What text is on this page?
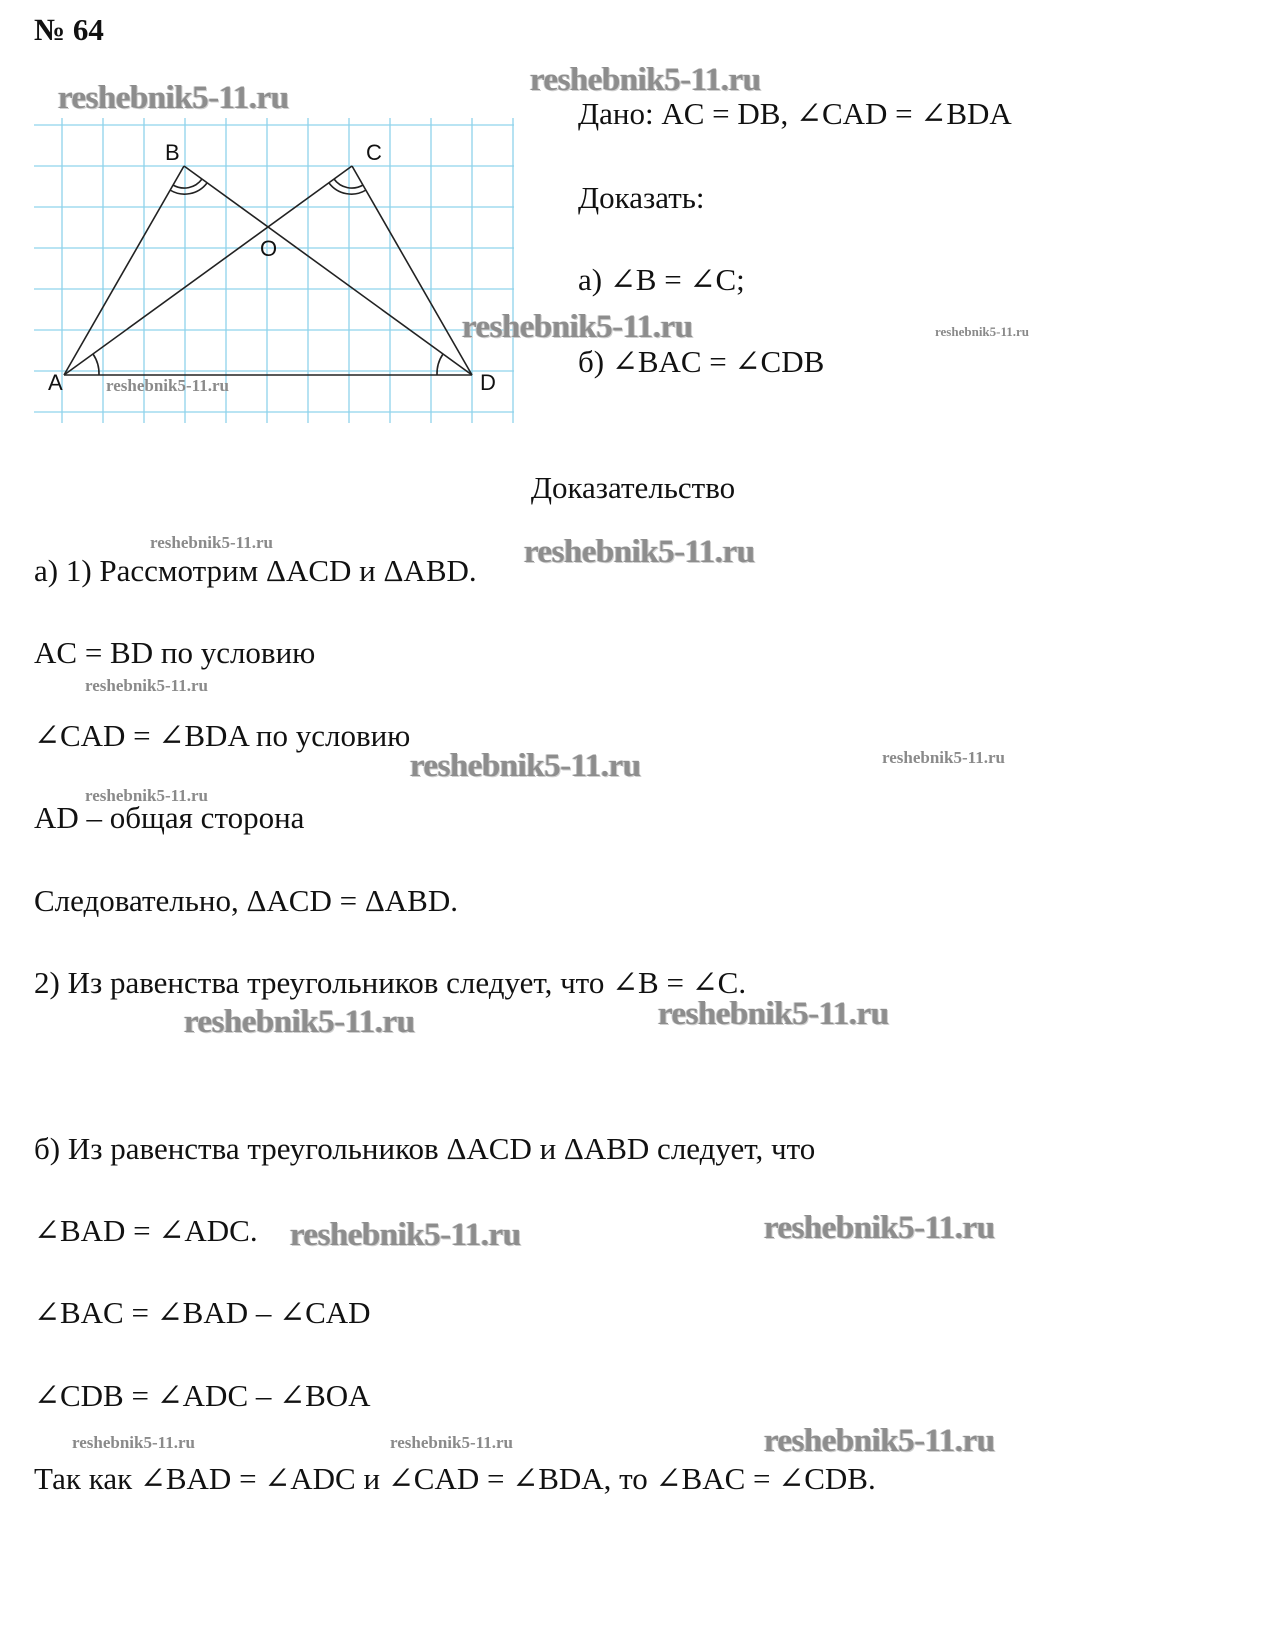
№ 64
B	C
O
A	D
Дано: AC = DB, ∠CAD = ∠BDA
Доказать:
а) ∠B = ∠C;
б) ∠BAC = ∠CDB
Доказательство
а) 1) Рассмотрим ΔACD и ΔABD.
AC = BD по условию
∠CAD = ∠BDA по условию
AD – общая сторона
Следовательно, ΔACD = ΔABD.
2) Из равенства треугольников следует, что ∠B = ∠C.
б) Из равенства треугольников ΔACD и ΔABD следует, что
∠BAD = ∠ADC.
∠BAC = ∠BAD – ∠CAD
∠CDB = ∠ADC – ∠BOA
Так как ∠BAD = ∠ADC и ∠CAD = ∠BDA, то ∠BAC = ∠CDB.
reshebnik5-11.ru	reshebnik5-11.ru
reshebnik5-11.ru	reshebnik5-11.ru
reshebnik5-11.ru
reshebnik5-11.ru	reshebnik5-11.ru
reshebnik5-11.ru
reshebnik5-11.ru	reshebnik5-11.ru
reshebnik5-11.ru
reshebnik5-11.ru	reshebnik5-11.ru
reshebnik5-11.ru	reshebnik5-11.ru
reshebnik5-11.ru	reshebnik5-11.ru	reshebnik5-11.ru
